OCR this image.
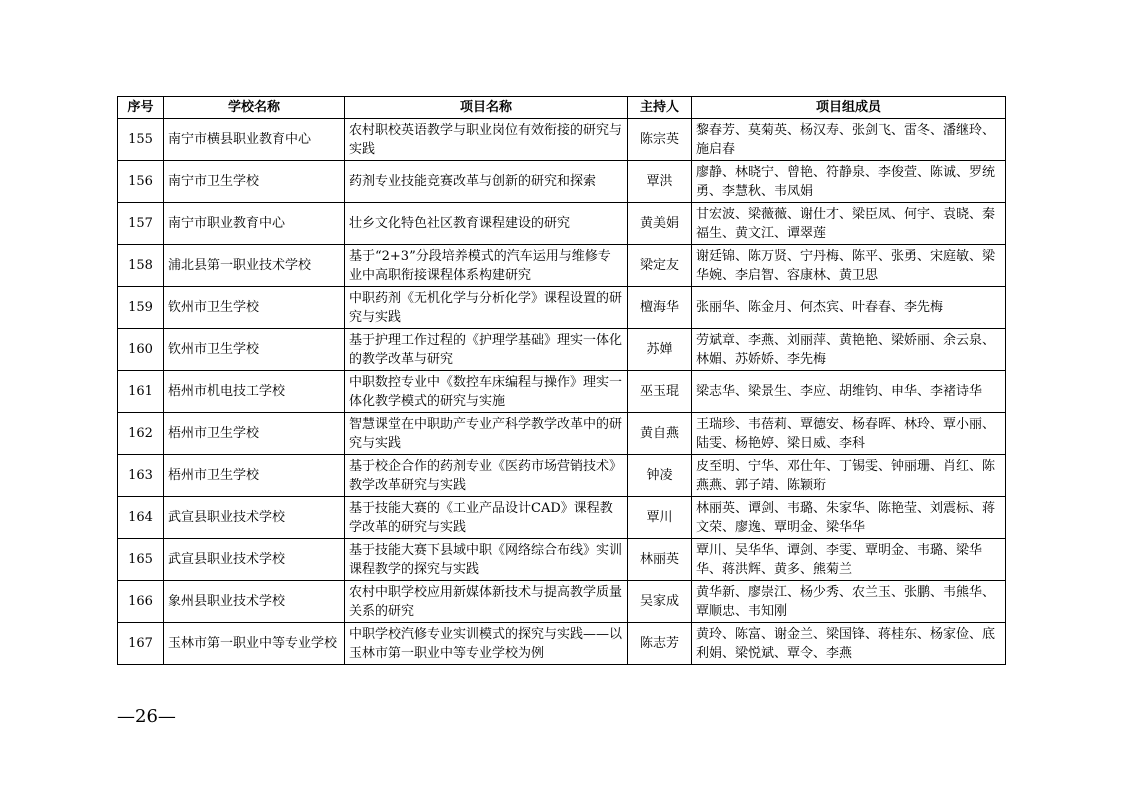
序号	学校名称	项目名称	主持人	项目组成员
155	南宁市横县职业教育中心	农村职校英语教学与职业岗位有效衔接的研究与实践	陈宗英	黎春芳、莫菊英、杨汉寿、张剑飞、雷冬、潘继玲、施启春
156	南宁市卫生学校	药剂专业技能竞赛改革与创新的研究和探索	覃洪	廖静、林晓宁、曾艳、符静泉、李俊萱、陈诚、罗统勇、李慧秋、韦凤娟
157	南宁市职业教育中心	壮乡文化特色社区教育课程建设的研究	黄美娟	甘宏波、梁薇薇、谢仕才、梁臣凤、何宇、袁晓、秦福生、黄文江、谭翠莲
158	浦北县第一职业技术学校	基于“2+3”分段培养模式的汽车运用与维修专业中高职衔接课程体系构建研究	梁定友	谢廷锦、陈万贤、宁丹梅、陈平、张勇、宋庭敏、梁华婉、李启智、容康林、黄卫思
159	钦州市卫生学校	中职药剂《无机化学与分析化学》课程设置的研究与实践	檀海华	张丽华、陈金月、何杰宾、叶春春、李先梅
160	钦州市卫生学校	基于护理工作过程的《护理学基础》理实一体化的教学改革与研究	苏婵	劳斌章、李燕、刘丽萍、黄艳艳、梁娇丽、余云泉、林媚、苏娇娇、李先梅
161	梧州市机电技工学校	中职数控专业中《数控车床编程与操作》理实一体化教学模式的研究与实施	巫玉琨	梁志华、梁景生、李应、胡维钧、申华、李褚诗华
162	梧州市卫生学校	智慧课堂在中职助产专业产科学教学改革中的研究与实践	黄自燕	王瑞珍、韦蓓莉、覃德安、杨春晖、林玲、覃小丽、陆雯、杨艳婷、梁日威、李科
163	梧州市卫生学校	基于校企合作的药剂专业《医药市场营销技术》教学改革研究与实践	钟凌	皮至明、宁华、邓仕年、丁锡雯、钟丽珊、肖红、陈燕燕、郭子靖、陈颖珩
164	武宣县职业技术学校	基于技能大赛的《工业产品设计CAD》课程教学改革的研究与实践	覃川	林丽英、谭剑、韦璐、朱家华、陈艳莹、刘震标、蒋文荣、廖逸、覃明金、梁华华
165	武宣县职业技术学校	基于技能大赛下县域中职《网络综合布线》实训课程教学的探究与实践	林丽英	覃川、吴华华、谭剑、李雯、覃明金、韦璐、梁华华、蒋洪辉、黄多、熊菊兰
166	象州县职业技术学校	农村中职学校应用新媒体新技术与提高教学质量关系的研究	吴家成	黄华新、廖崇江、杨少秀、农兰玉、张鹏、韦熊华、覃顺忠、韦知刚
167	玉林市第一职业中等专业学校	中职学校汽修专业实训模式的探究与实践——以玉林市第一职业中等专业学校为例	陈志芳	黄玲、陈富、谢金兰、梁国锋、蒋桂东、杨家俭、底利娟、梁悦斌、覃令、李燕
—26—
